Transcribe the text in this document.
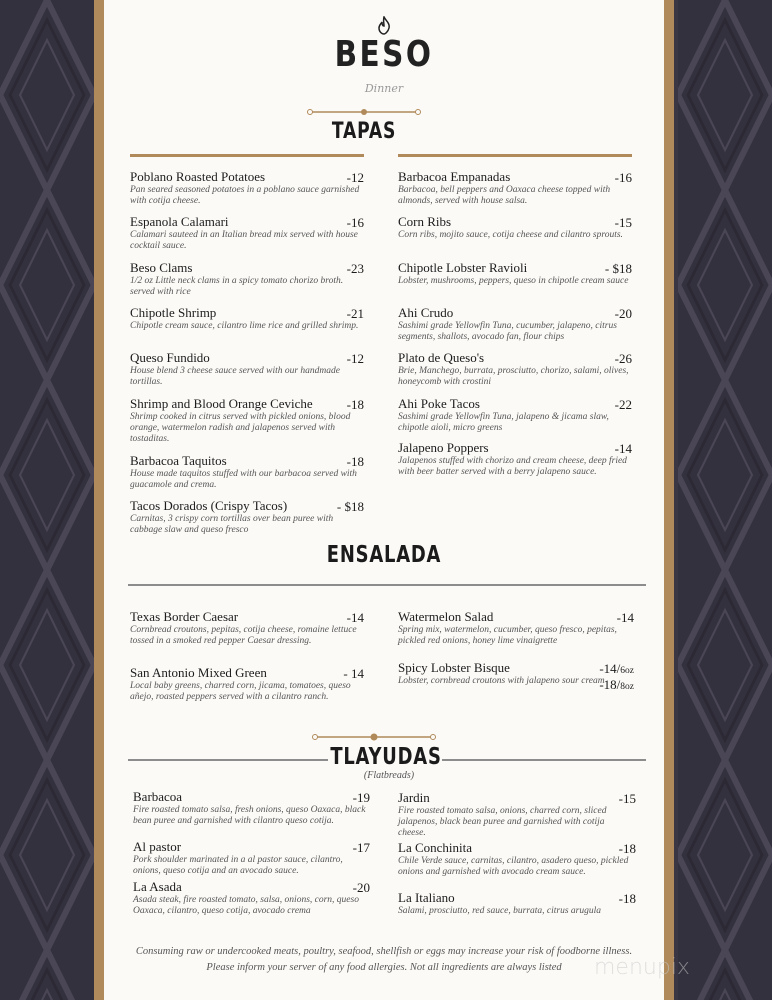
BESO
Dinner
TAPAS
Poblano Roasted Potatoes
Pan seared seasoned potatoes in a poblano sauce garnished with cotija cheese.
-12
Espanola Calamari
Calamari sauteed in an Italian bread mix served with house cocktail sauce.
-16
Beso Clams
1/2 oz Little neck clams in a spicy tomato chorizo broth. served with rice
-23
Chipotle Shrimp
Chipotle cream sauce, cilantro lime rice and grilled shrimp.
-21
Queso Fundido
House blend 3 cheese sauce served with our handmade tortillas.
-12
Shrimp and Blood Orange Ceviche
Shrimp cooked in citrus served with pickled onions, blood orange, watermelon radish and jalapenos served with tostaditas.
-18
Barbacoa Taquitos
House made taquitos stuffed with our barbacoa served with guacamole and crema.
-18
Tacos Dorados (Crispy Tacos)
Carnitas, 3 crispy corn tortillas over bean puree with cabbage slaw and queso fresco
- $18
Barbacoa Empanadas
Barbacoa, bell peppers and Oaxaca cheese topped with almonds, served with house salsa.
-16
Corn Ribs
Corn ribs, mojito sauce, cotija cheese and cilantro sprouts.
-15
Chipotle Lobster Ravioli
Lobster, mushrooms, peppers, queso in chipotle cream sauce
- $18
Ahi Crudo
Sashimi grade Yellowfin Tuna, cucumber, jalapeno, citrus segments, shallots, avocado fan, flour chips
-20
Plato de Queso's
Brie, Manchego, burrata, prosciutto, chorizo, salami, olives, honeycomb with crostini
-26
Ahi Poke Tacos
Sashimi grade Yellowfin Tuna, jalapeno & jicama slaw, chipotle aioli, micro greens
-22
Jalapeno Poppers
Jalapenos stuffed with chorizo and cream cheese, deep fried with beer batter served with a berry jalapeno sauce.
-14
ENSALADA
Texas Border Caesar
Cornbread croutons, pepitas, cotija cheese, romaine lettuce tossed in a smoked red pepper Caesar dressing.
-14
San Antonio Mixed Green
Local baby greens, charred corn, jicama, tomatoes, queso añejo, roasted peppers served with a cilantro ranch.
- 14
Watermelon Salad
Spring mix, watermelon, cucumber, queso fresco, pepitas, pickled red onions, honey lime vinaigrette
-14
Spicy Lobster Bisque
Lobster, cornbread croutons with jalapeno sour cream
-14/6oz
-18/8oz
TLAYUDAS
(Flatbreads)
Barbacoa
Fire roasted tomato salsa, fresh onions, queso Oaxaca, black bean puree and garnished with cilantro queso cotija.
-19
Al pastor
Pork shoulder marinated in a al pastor sauce, cilantro, onions, queso cotija and an avocado sauce.
-17
La Asada
Asada steak, fire roasted tomato, salsa, onions, corn, queso Oaxaca, cilantro, queso cotija, avocado crema
-20
Jardin
Fire roasted tomato salsa, onions, charred corn, sliced jalapenos, black bean puree and garnished with cotija cheese.
-15
La Conchinita
Chile Verde sauce, carnitas, cilantro, asadero queso, pickled onions and garnished with avocado cream sauce.
-18
La Italiano
Salami, prosciutto, red sauce, burrata, citrus arugula
-18
Consuming raw or undercooked meats, poultry, seafood, shellfish or eggs may increase your risk of foodborne illness.
Please inform your server of any food allergies. Not all ingredients are always listed	menupix
